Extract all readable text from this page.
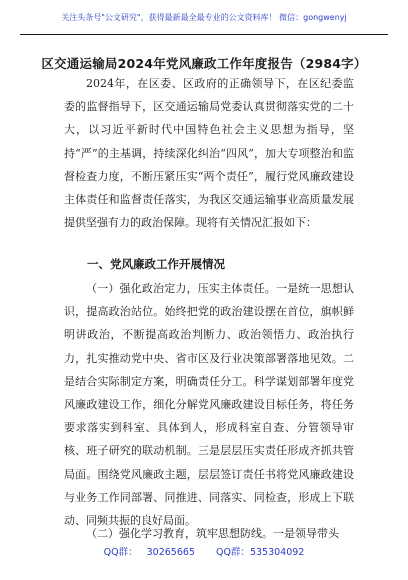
关注头条号"公文研究"，获得最新最全最专业的公文资料库！ 微信：gongwenyj
区交通运输局2024年党风廉政工作年度报告（2984字）

2024年，在区委、区政府的正确领导下，在区纪委监委的监督指导下，区交通运输局党委认真贯彻落实党的二十大，以习近平新时代中国特色社会主义思想为指导，坚持“严”的主基调，持续深化纠治“四风”，加大专项整治和监督检查力度，不断压紧压实“两个责任”，履行党风廉政建设主体责任和监督责任落实，为我区交通运输事业高质量发展提供坚强有力的政治保障。现将有关情况汇报如下：

一、党风廉政工作开展情况

（一）强化政治定力，压实主体责任。一是统一思想认识，提高政治站位。始终把党的政治建设摆在首位，旗帜鲜明讲政治，不断提高政治判断力、政治领悟力、政治执行力，扎实推动党中央、省市区及行业决策部署落地见效。二是结合实际制定方案，明确责任分工。科学谋划部署年度党风廉政建设工作，细化分解党风廉政建设目标任务，将任务要求落实到科室、具体到人，形成科室自查、分管领导审核、班子研究的联动机制。三是层层压实责任形成齐抓共管局面。围绕党风廉政主题，层层签订责任书将党风廉政建设与业务工作同部署、同推进、同落实、同检查，形成上下联动、同频共振的良好局面。

（二）强化学习教育，筑牢思想防线。一是领导带头

QQ群： 30265665 QQ群：535304092
